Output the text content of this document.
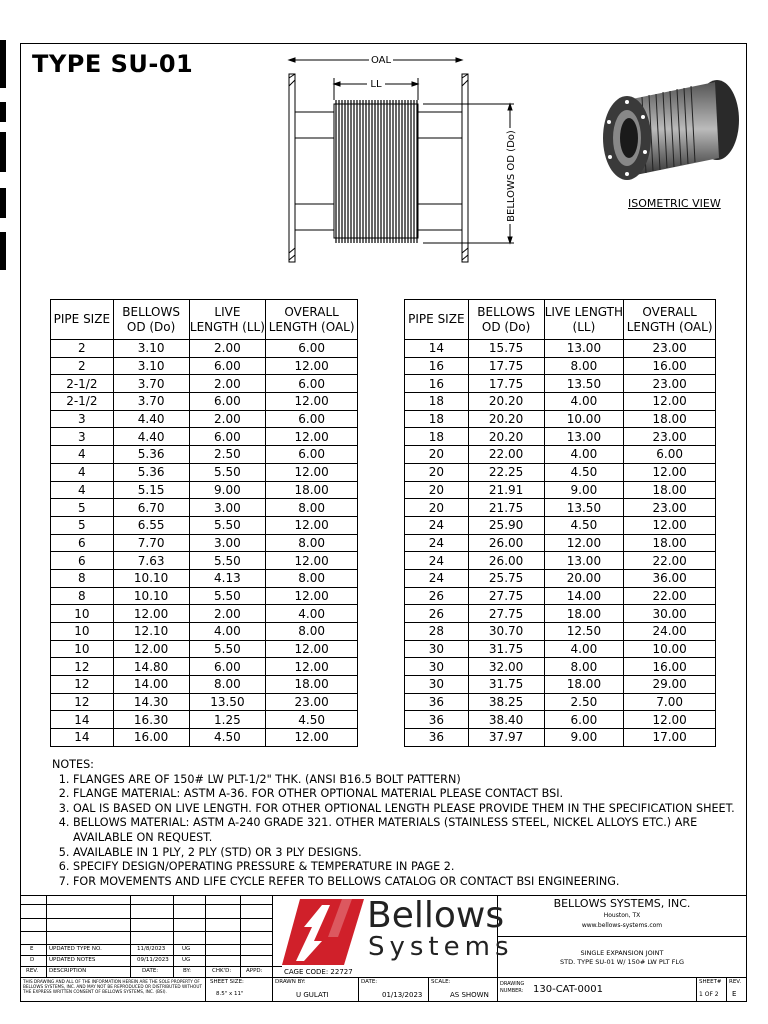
TYPE SU-01	OAL
LL
BELLOWS OD (Do)	ISOMETRIC VIEW
PIPE SIZE	BELLOWS OD (Do)	LIVE LENGTH (LL)	OVERALL LENGTH (OAL)
2	3.10	2.00	6.00
2	3.10	6.00	12.00
2-1/2	3.70	2.00	6.00
2-1/2	3.70	6.00	12.00
3	4.40	2.00	6.00
3	4.40	6.00	12.00
4	5.36	2.50	6.00
4	5.36	5.50	12.00
4	5.15	9.00	18.00
5	6.70	3.00	8.00
5	6.55	5.50	12.00
6	7.70	3.00	8.00
6	7.63	5.50	12.00
8	10.10	4.13	8.00
8	10.10	5.50	12.00
10	12.00	2.00	4.00
10	12.10	4.00	8.00
10	12.00	5.50	12.00
12	14.80	6.00	12.00
12	14.00	8.00	18.00
12	14.30	13.50	23.00
14	16.30	1.25	4.50
14	16.00	4.50	12.00
PIPE SIZE	BELLOWS OD (Do)	LIVE LENGTH (LL)	OVERALL LENGTH (OAL)
14	15.75	13.00	23.00
16	17.75	8.00	16.00
16	17.75	13.50	23.00
18	20.20	4.00	12.00
18	20.20	10.00	18.00
18	20.20	13.00	23.00
20	22.00	4.00	6.00
20	22.25	4.50	12.00
20	21.91	9.00	18.00
20	21.75	13.50	23.00
24	25.90	4.50	12.00
24	26.00	12.00	18.00
24	26.00	13.00	22.00
24	25.75	20.00	36.00
26	27.75	14.00	22.00
26	27.75	18.00	30.00
28	30.70	12.50	24.00
30	31.75	4.00	10.00
30	32.00	8.00	16.00
30	31.75	18.00	29.00
36	38.25	2.50	7.00
36	38.40	6.00	12.00
36	37.97	9.00	17.00
NOTES:
1. FLANGES ARE OF 150# LW PLT-1/2" THK. (ANSI B16.5 BOLT PATTERN)
2. FLANGE MATERIAL: ASTM A-36. FOR OTHER OPTIONAL MATERIAL PLEASE CONTACT BSI.
3. OAL IS BASED ON LIVE LENGTH. FOR OTHER OPTIONAL LENGTH PLEASE PROVIDE THEM IN THE SPECIFICATION SHEET.
4. BELLOWS MATERIAL: ASTM A-240 GRADE 321. OTHER MATERIALS (STAINLESS STEEL, NICKEL ALLOYS ETC.) ARE AVAILABLE ON REQUEST.
5. AVAILABLE IN 1 PLY, 2 PLY (STD) OR 3 PLY DESIGNS.
6. SPECIFY DESIGN/OPERATING PRESSURE & TEMPERATURE IN PAGE 2.
7. FOR MOVEMENTS AND LIFE CYCLE REFER TO BELLOWS CATALOG OR CONTACT BSI ENGINEERING.
E	UPDATED TYPE NO.	11/8/2023	UG
D	UPDATED NOTES	09/11/2023 UG
REV. DESCRIPTION	DATE:	BY:	CHK'D:	APPD:
THIS DRAWING AND ALL OF THE INFORMATION HEREIN ARE THE SOLE PROPERTY OF BELLOWS SYSTEMS, INC. AND MAY NOT BE REPRODUCED OR DISTRIBUTED WITHOUT THE EXPRESS WRITTEN CONSENT OF BELLOWS SYSTEMS, INC. (BSI).
SHEET SIZE:
8.5" x 11"
Bellows
Systems
CAGE CODE: 22727
BELLOWS SYSTEMS, INC.
Houston, TX
www.bellows-systems.com
SINGLE EXPANSION JOINT
STD. TYPE SU-01 W/ 150# LW PLT FLG
DRAWN BY:
U GULATI
DATE:
01/13/2023
SCALE:
AS SHOWN
DRAWING NUMBER: 130-CAT-0001
SHEET#
1 OF 2
REV.
E
